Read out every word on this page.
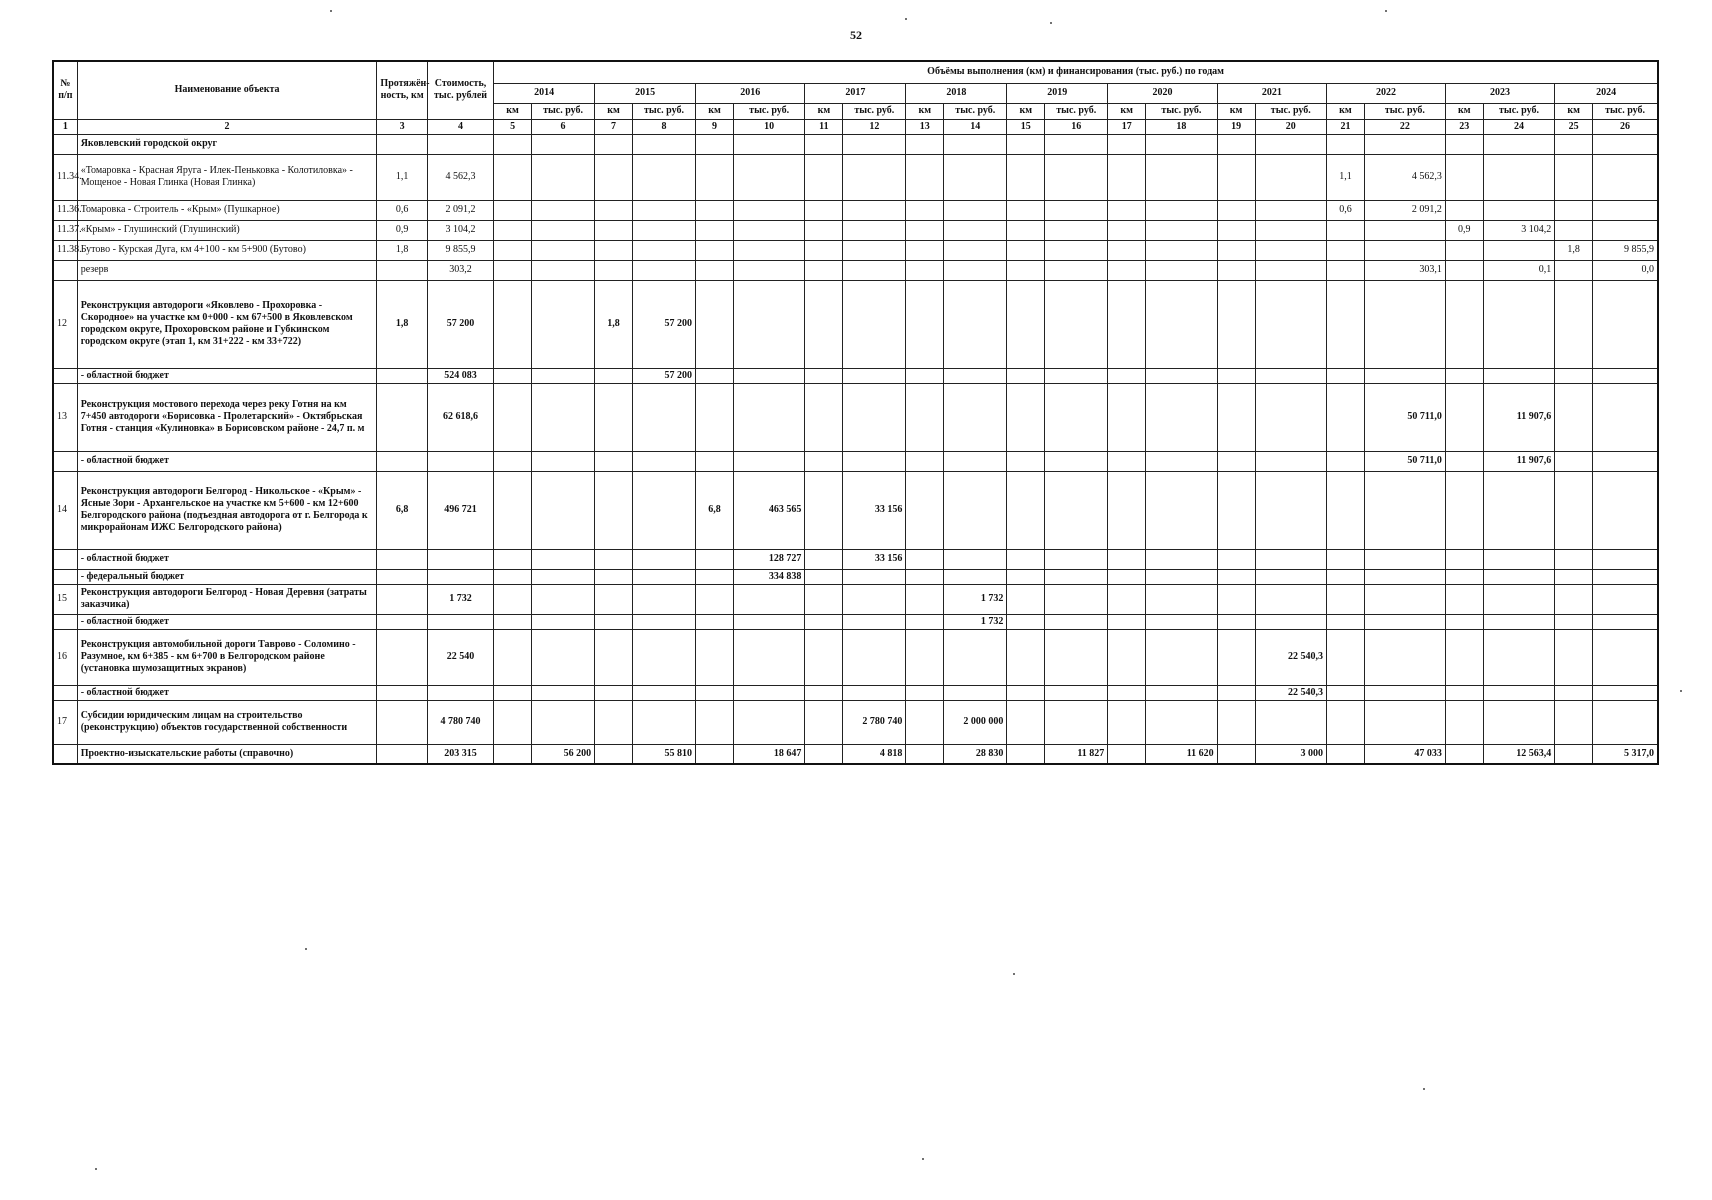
52
№ п/п	Наименование объекта	Протяжён-ность, км	Стоимость, тыс. рублей	Объёмы выполнения (км) и финансирования (тыс. руб.) по годам																					
				2014		2015		2016		2017		2018		2019		2020		2021		2022		2023		2024	
				км	тыс. руб.	км	тыс. руб.	км	тыс. руб.	км	тыс. руб.	км	тыс. руб.	км	тыс. руб.	км	тыс. руб.	км	тыс. руб.	км	тыс. руб.	км	тыс. руб.	км	тыс. руб.
1	2	3	4	5	6	7	8	9	10	11	12	13	14	15	16	17	18	19	20	21	22	23	24	25	26
	Яковлевский городской округ																								
11.34.	«Томаровка - Красная Яруга - Илек-Пеньковка - Колотиловка» - Мощеное - Новая Глинка (Новая Глинка)	1,1	4 562,3																	1,1	4 562,3				
11.36.	Томаровка - Строитель - «Крым» (Пушкарное)	0,6	2 091,2																	0,6	2 091,2				
11.37.	«Крым» - Глушинский (Глушинский)	0,9	3 104,2																			0,9	3 104,2		
11.38.	Бутово - Курская Дуга, км 4+100 - км 5+900 (Бутово)	1,8	9 855,9																					1,8	9 855,9
	резерв		303,2																		303,1		0,1		0,0
12	Реконструкция автодороги «Яковлево - Прохоровка - Скородное» на участке км 0+000 - км 67+500 в Яковлевском городском округе, Прохоровском районе и Губкинском городском округе (этап 1, км 31+222 - км 33+722)	1,8	57 200			1,8	57 200																		
	- областной бюджет		524 083				57 200																		
13	Реконструкция мостового перехода через реку Готня на км 7+450 автодороги «Борисовка - Пролетарский» - Октябрьская Готня - станция «Кулиновка» в Борисовском районе - 24,7 п. м		62 618,6																		50 711,0		11 907,6		
	- областной бюджет																				50 711,0		11 907,6		
14	Реконструкция автодороги Белгород - Никольское - «Крым» - Ясные Зори - Архангельское на участке км 5+600 - км 12+600 Белгородского района (подъездная автодорога от г. Белгорода к микрорайонам ИЖС Белгородского района)	6,8	496 721					6,8	463 565		33 156														
	- областной бюджет								128 727		33 156														
	- федеральный бюджет								334 838																
15	Реконструкция автодороги Белгород - Новая Деревня (затраты заказчика)		1 732										1 732												
	- областной бюджет												1 732												
16	Реконструкция автомобильной дороги Таврово - Соломино - Разумное, км 6+385 - км 6+700 в Белгородском районе (установка шумозащитных экранов)		22 540																22 540,3						
	- областной бюджет																		22 540,3						
17	Субсидии юридическим лицам на строительство (реконструкцию) объектов государственной собственности		4 780 740								2 780 740		2 000 000												
	Проектно-изыскательские работы (справочно)		203 315		56 200		55 810		18 647		4 818		28 830		11 827		11 620		3 000		47 033		12 563,4		5 317,0
